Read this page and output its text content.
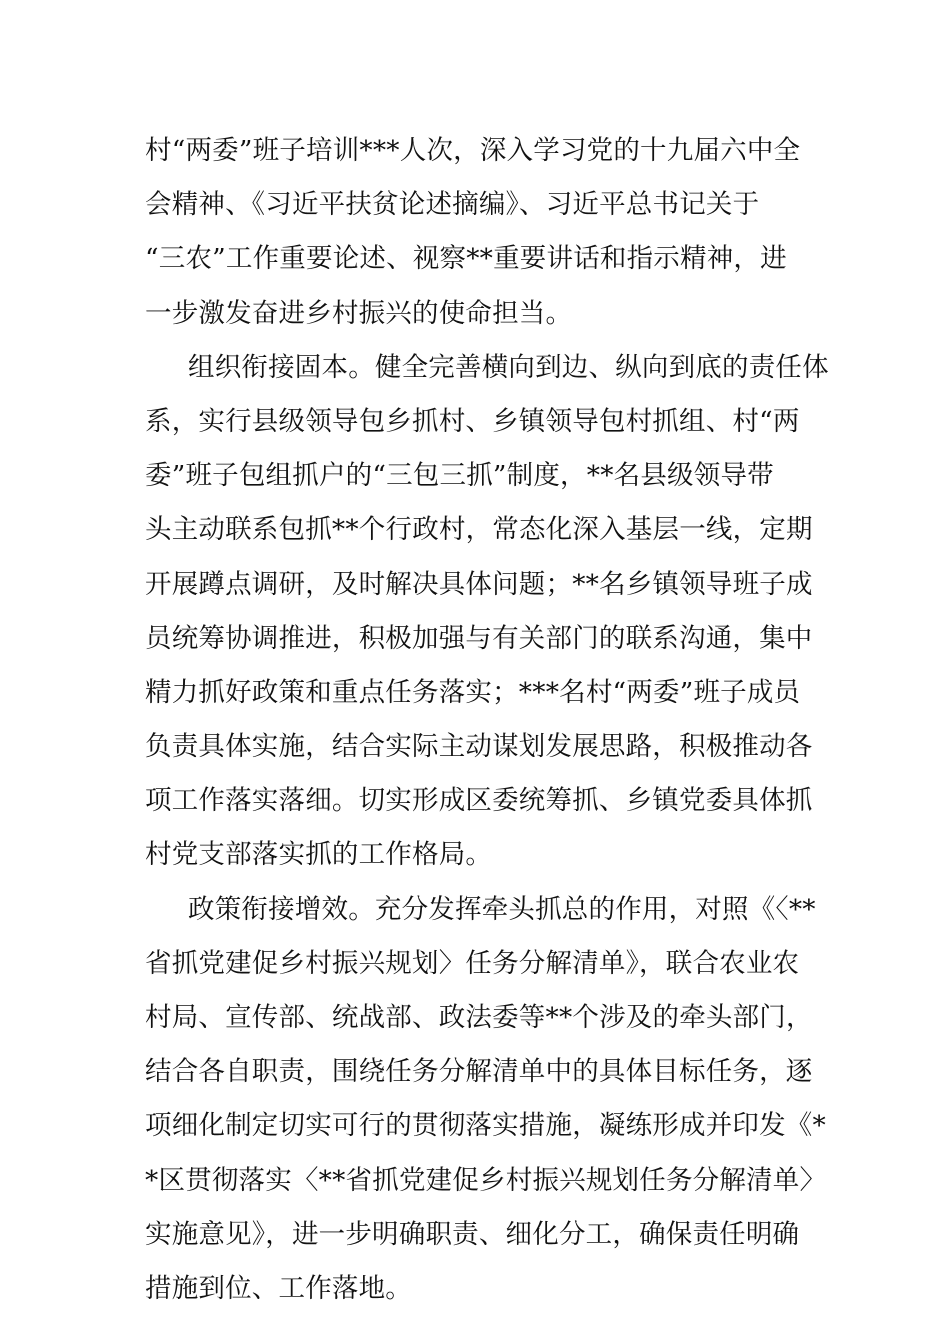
村“两委”班子培训***人次，深入学习党的十九届六中全
会精神、《习近平扶贫论述摘编》、习近平总书记关于
“三农”工作重要论述、视察**重要讲话和指示精神，进
一步激发奋进乡村振兴的使命担当。
组织衔接固本。健全完善横向到边、纵向到底的责任体
系，实行县级领导包乡抓村、乡镇领导包村抓组、村“两
委”班子包组抓户的“三包三抓”制度，**名县级领导带
头主动联系包抓**个行政村，常态化深入基层一线，定期
开展蹲点调研，及时解决具体问题；**名乡镇领导班子成
员统筹协调推进，积极加强与有关部门的联系沟通，集中
精力抓好政策和重点任务落实；***名村“两委”班子成员
负责具体实施，结合实际主动谋划发展思路，积极推动各
项工作落实落细。切实形成区委统筹抓、乡镇党委具体抓
村党支部落实抓的工作格局。
政策衔接增效。充分发挥牵头抓总的作用，对照《〈**
省抓党建促乡村振兴规划〉任务分解清单》，联合农业农
村局、宣传部、统战部、政法委等**个涉及的牵头部门，
结合各自职责，围绕任务分解清单中的具体目标任务，逐
项细化制定切实可行的贯彻落实措施，凝练形成并印发《*
*区贯彻落实〈**省抓党建促乡村振兴规划任务分解清单〉
实施意见》，进一步明确职责、细化分工，确保责任明确
措施到位、工作落地。
